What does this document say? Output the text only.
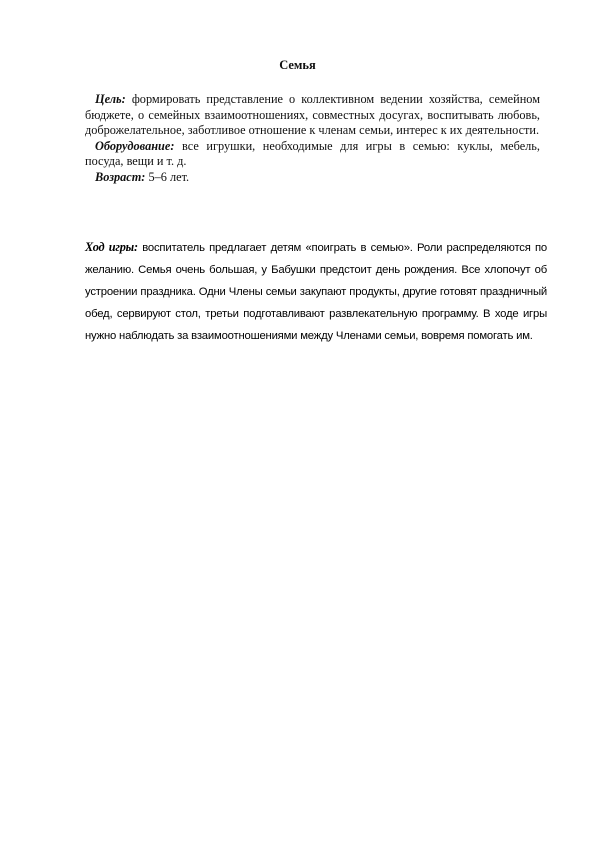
Семья

Цель: формировать представление о коллективном ведении хозяйства, семейном бюджете, о семейных взаимоотношениях, совместных досугах, воспитывать любовь, доброжелательное, заботливое отношение к членам семьи, интерес к их деятельности.

Оборудование: все игрушки, необходимые для игры в семью: куклы, мебель, посуда, вещи и т. д.

Возраст: 5–6 лет.

Ход игры: воспитатель предлагает детям «поиграть в семью». Роли распределяются по желанию. Семья очень большая, у Бабушки предстоит день рождения. Все хлопочут об устроении праздника. Одни Члены семьи закупают продукты, другие готовят праздничный обед, сервируют стол, третьи подготавливают развлекательную программу. В ходе игры нужно наблюдать за взаимоотношениями между Членами семьи, вовремя помогать им.
